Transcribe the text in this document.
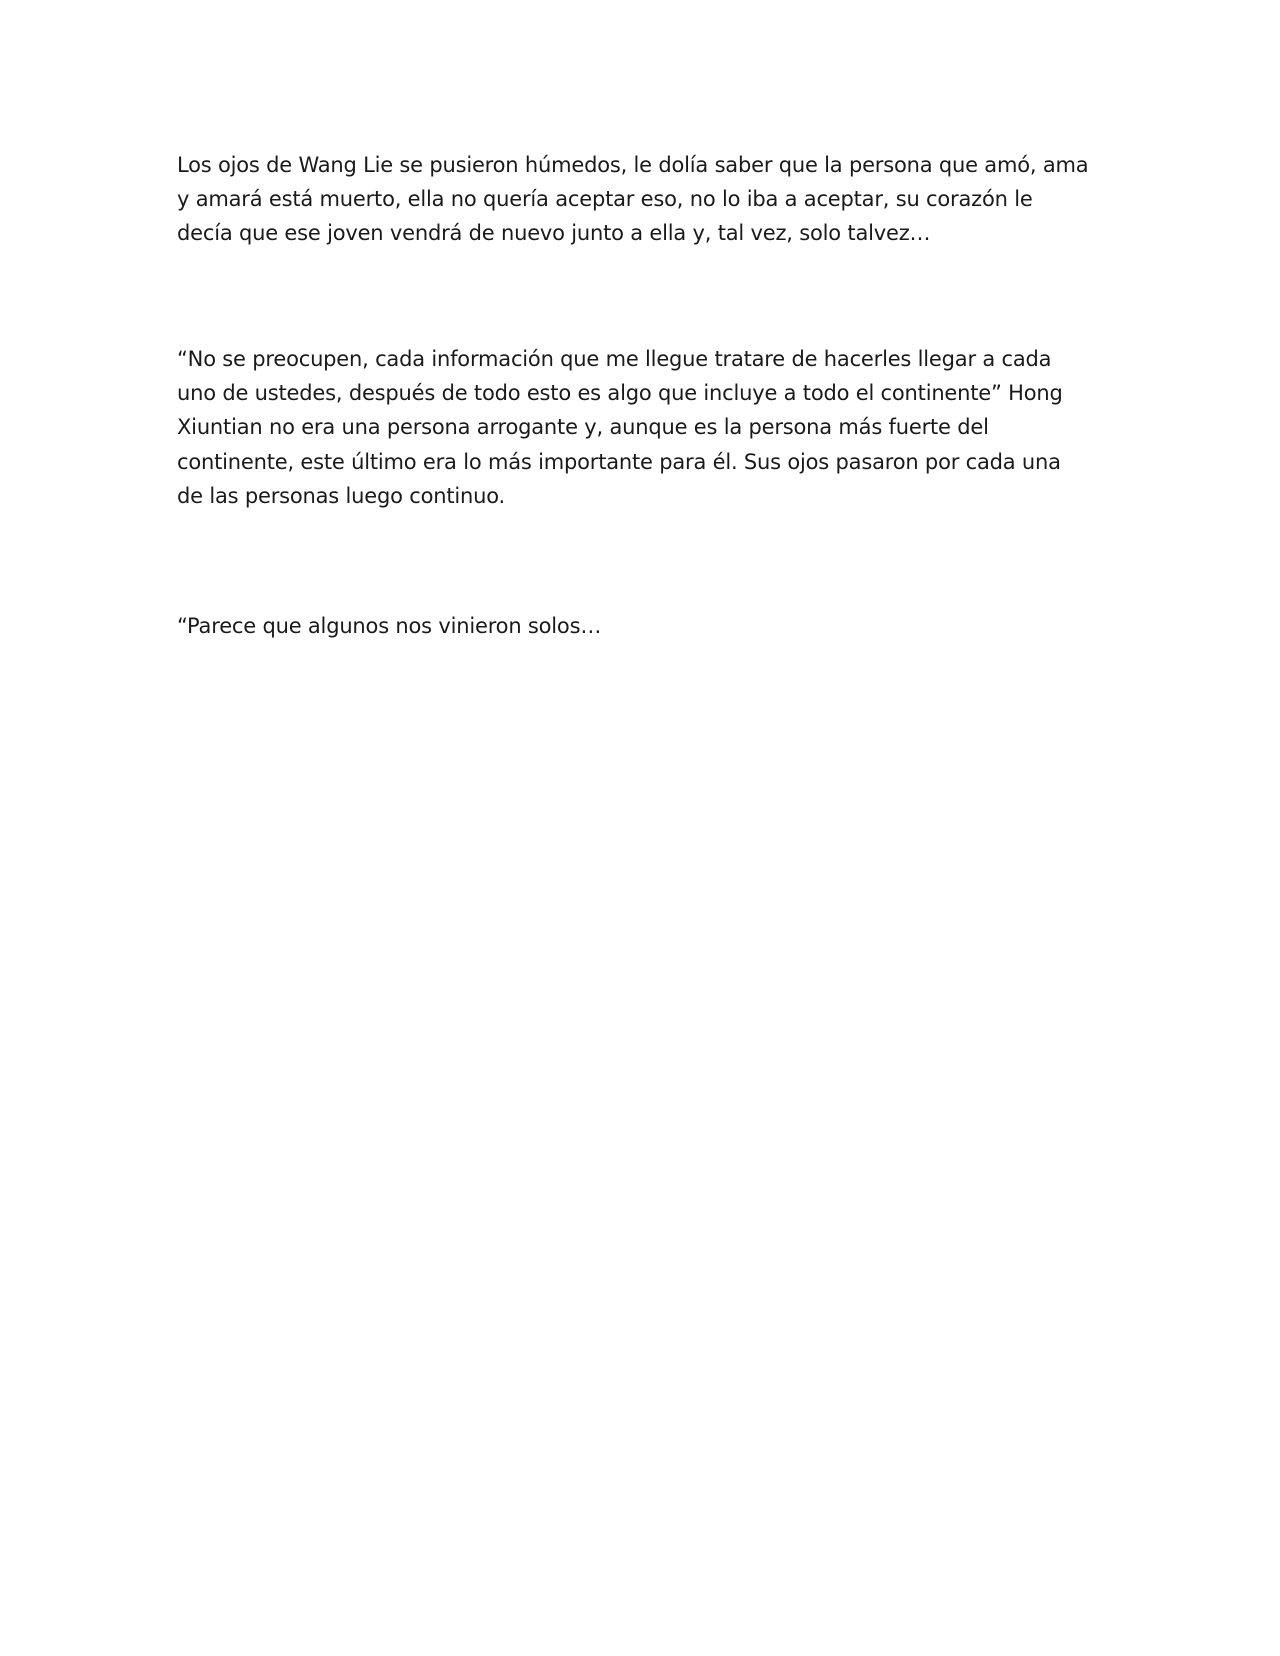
Los ojos de Wang Lie se pusieron húmedos, le dolía saber que la persona que amó, ama
y amará está muerto, ella no quería aceptar eso, no lo iba a aceptar, su corazón le
decía que ese joven vendrá de nuevo junto a ella y, tal vez, solo talvez…

“No se preocupen, cada información que me llegue tratare de hacerles llegar a cada
uno de ustedes, después de todo esto es algo que incluye a todo el continente” Hong
Xiuntian no era una persona arrogante y, aunque es la persona más fuerte del
continente, este último era lo más importante para él. Sus ojos pasaron por cada una
de las personas luego continuo.

“Parece que algunos nos vinieron solos…
